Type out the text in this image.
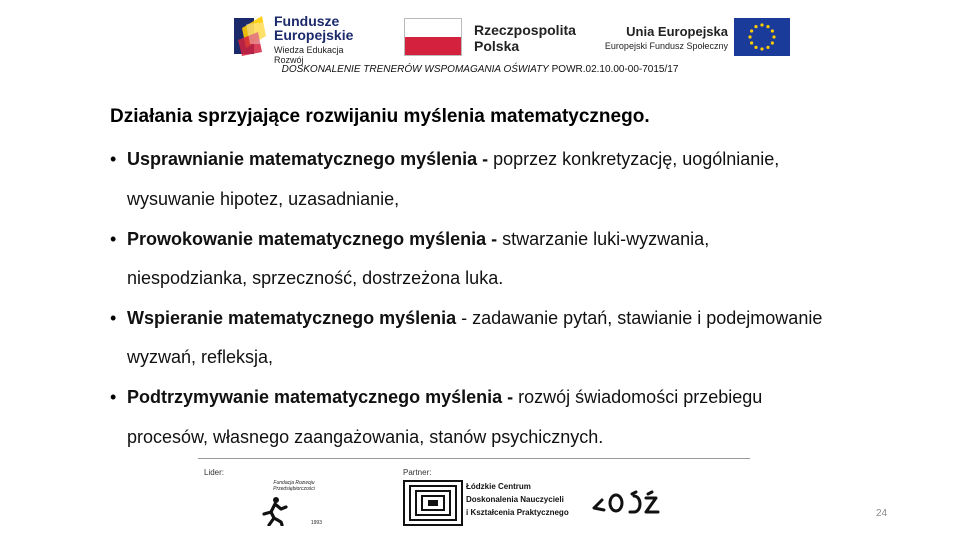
Fundusze
Europejskie
Wiedza Edukacja Rozwój
Rzeczpospolita
Polska
Unia Europejska
Europejski Fundusz Społeczny
DOSKONALENIE TRENERÓW WSPOMAGANIA OŚWIATY POWR.02.10.00-00-7015/17
Działania sprzyjające rozwijaniu myślenia matematycznego.
• Usprawnianie matematycznego myślenia - poprzez konkretyzację, uogólnianie,
wysuwanie hipotez, uzasadnianie,
• Prowokowanie matematycznego myślenia - stwarzanie luki-wyzwania,
niespodzianka, sprzeczność, dostrzeżona luka.
• Wspieranie matematycznego myślenia - zadawanie pytań, stawianie i podejmowanie
wyzwań, refleksja,
• Podtrzymywanie matematycznego myślenia - rozwój świadomości przebiegu
procesów, własnego zaangażowania, stanów psychicznych.
Lider:	Partner:
Fundacja Rozwoju Przedsiębiorczości
1993
Łódzkie Centrum
Doskonalenia Nauczycieli
i Kształcenia Praktycznego	24
